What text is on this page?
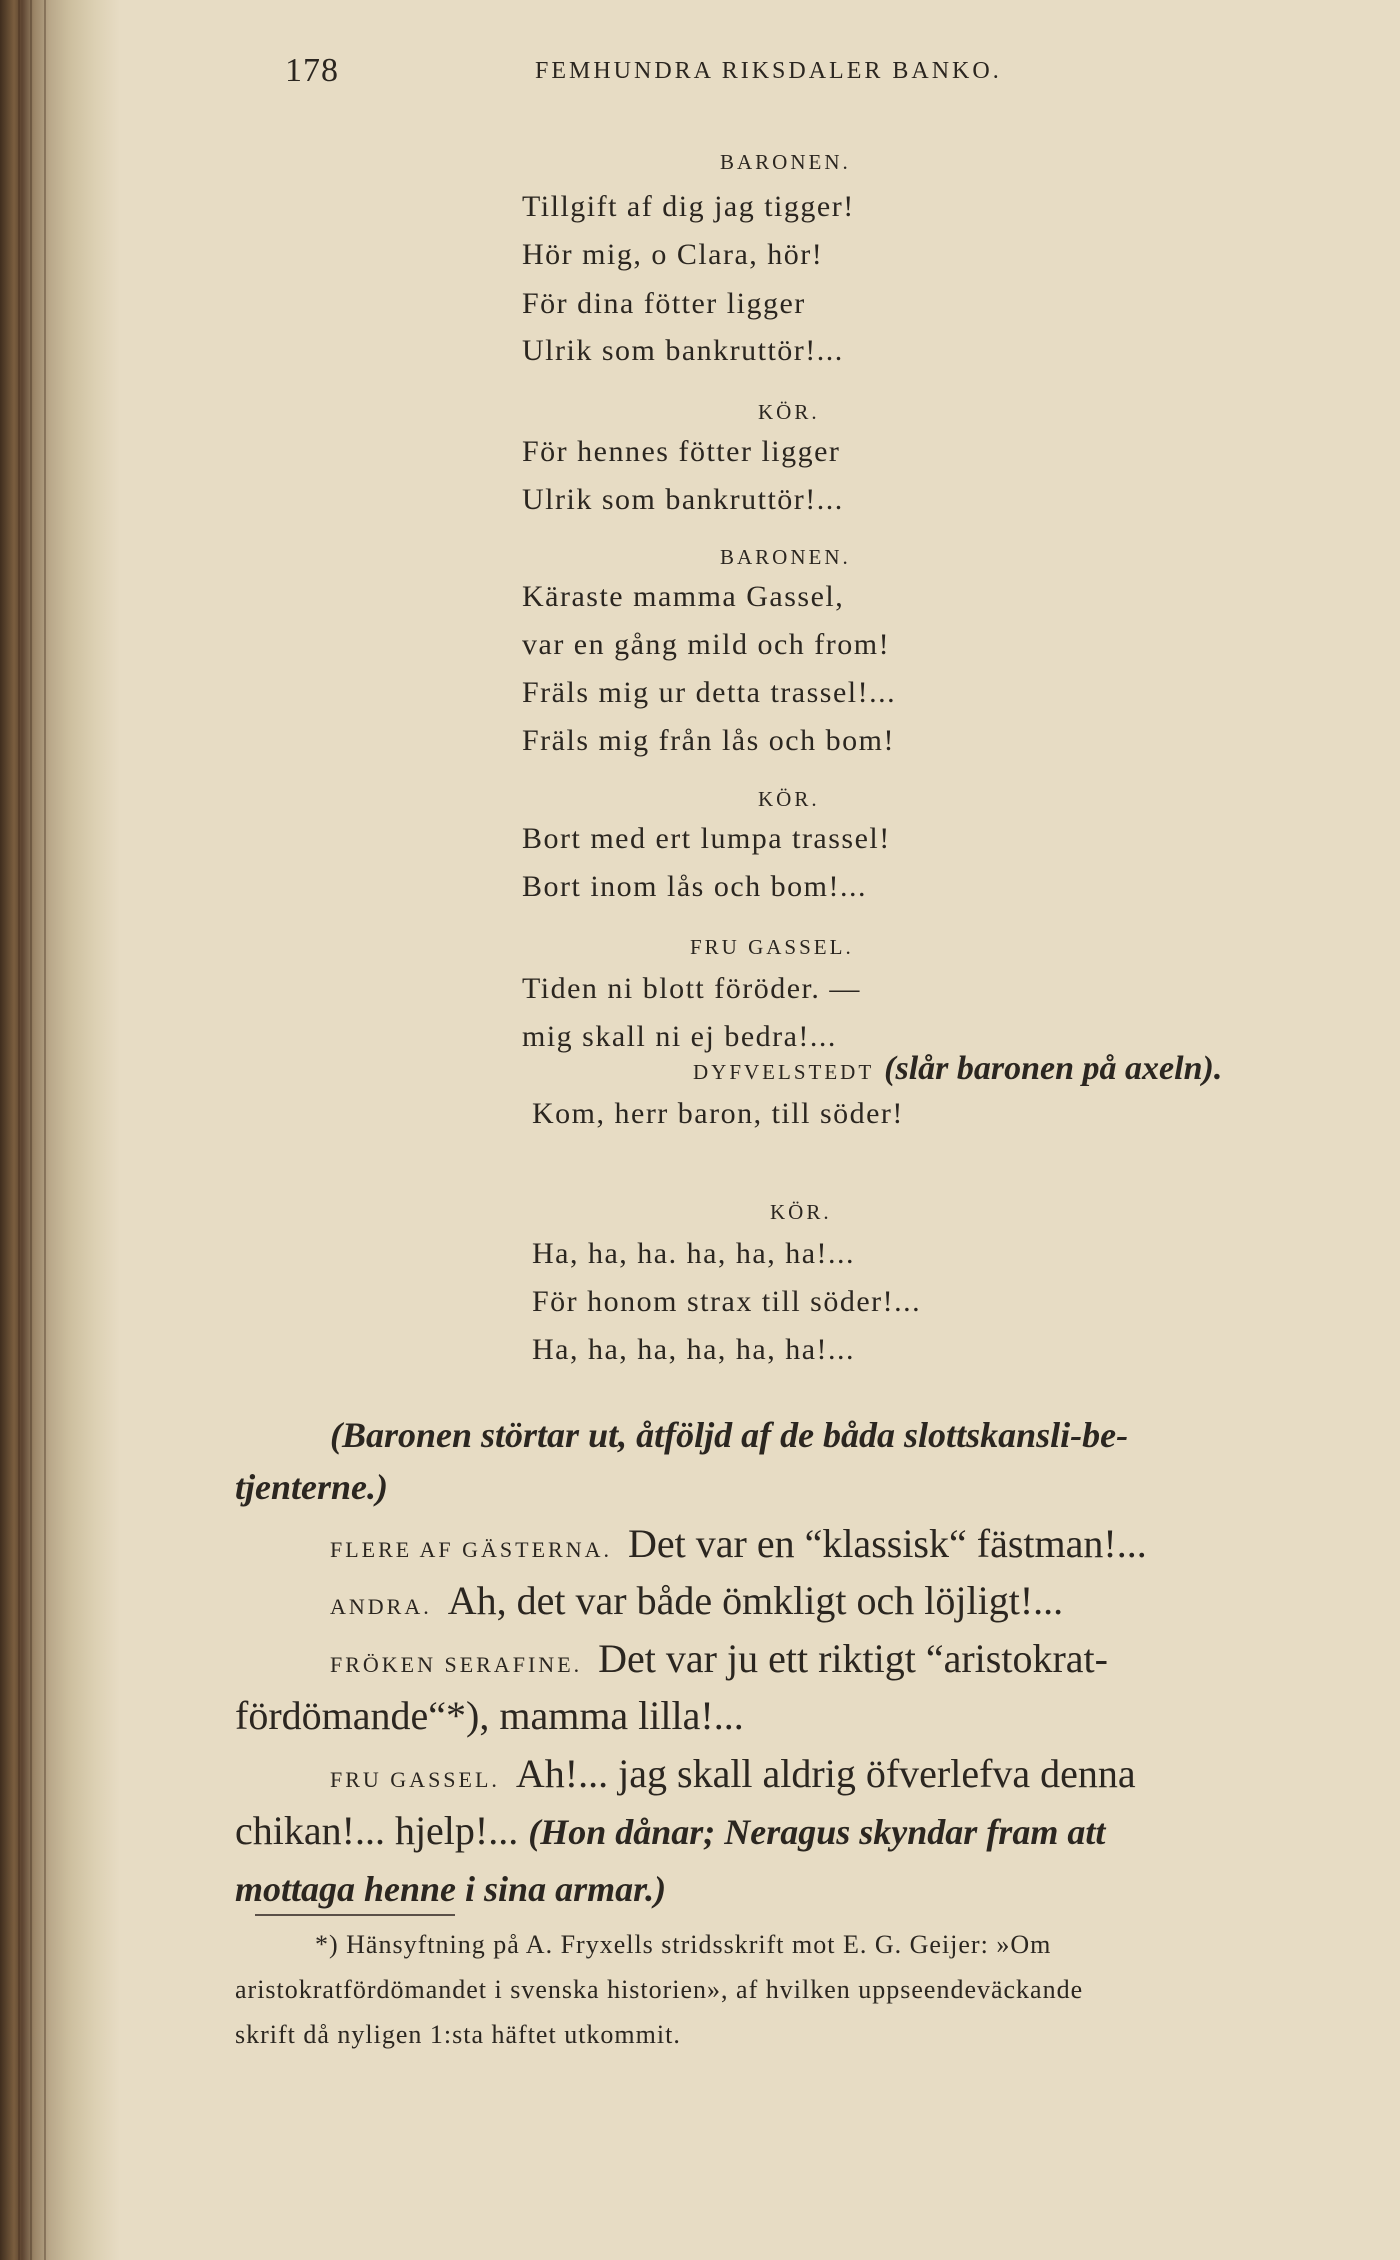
178	FEMHUNDRA RIKSDALER BANKO.
BARONEN.
Tillgift af dig jag tigger!
Hör mig, o Clara, hör!
För dina fötter ligger
Ulrik som bankruttör!...
KÖR.
För hennes fötter ligger
Ulrik som bankruttör!...
BARONEN.
Käraste mamma Gassel,
var en gång mild och from!
Fräls mig ur detta trassel!...
Fräls mig från lås och bom!
KÖR.
Bort med ert lumpa trassel!
Bort inom lås och bom!...
FRU GASSEL.
Tiden ni blott föröder. —
mig skall ni ej bedra!...
DYFVELSTEDT (slår baronen på axeln).
Kom, herr baron, till söder!
KÖR.
Ha, ha, ha. ha, ha, ha!...
För honom strax till söder!...
Ha, ha, ha, ha, ha, ha!...
(Baronen störtar ut, åtföljd af de båda slottskansli-be-
tjenterne.)
FLERE AF GÄSTERNA. Det var en “klassisk“ fästman!...
ANDRA. Ah, det var både ömkligt och löjligt!...
FRÖKEN SERAFINE. Det var ju ett riktigt “aristokrat-
fördömande“*), mamma lilla!...
FRU GASSEL. Ah!... jag skall aldrig öfverlefva denna
chikan!... hjelp!... (Hon dånar; Neragus skyndar fram att
mottaga henne i sina armar.)
*) Hänsyftning på A. Fryxells stridsskrift mot E. G. Geijer: »Om
aristokratfördömandet i svenska historien», af hvilken uppseendeväckande
skrift då nyligen 1:sta häftet utkommit.
